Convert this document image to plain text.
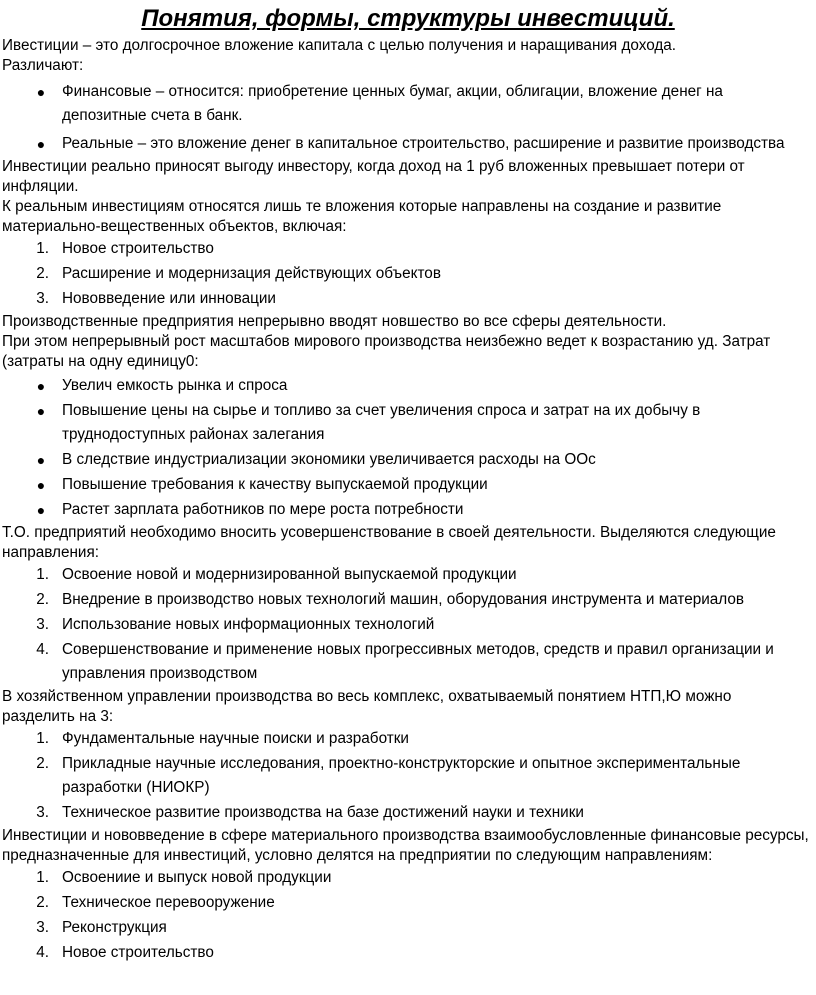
Понятия, формы, структуры инвестиций.

Ивестиции – это долгосрочное вложение капитала с целью получения и наращивания дохода.

Различают:

● Финансовые – относится: приобретение ценных бумаг, акции, облигации, вложение денег на депозитные счета в банк.
● Реальные – это вложение денег в капитальное строительство, расширение и развитие производства

Инвестиции реально приносят выгоду инвестору, когда доход на 1 руб вложенных превышает потери от инфляции.

К реальным инвестициям относятся лишь те вложения которые направлены на создание и развитие материально-вещественных объектов, включая:

1. Новое строительство
2. Расширение и модернизация действующих объектов
3. Нововведение или инновации

Производственные предприятия непрерывно вводят новшество во все сферы деятельности.

При этом непрерывный рост масштабов мирового производства неизбежно ведет к возрастанию уд. Затрат (затраты на одну единицу0:

● Увелич емкость рынка и спроса
● Повышение цены на сырье и топливо за счет увеличения спроса и затрат на их добычу в труднодоступных районах залегания
● В следствие индустриализации экономики увеличивается расходы на ООс
● Повышение требования к качеству выпускаемой продукции
● Растет зарплата работников по мере роста потребности

Т.О. предприятий необходимо вносить усовершенствование в своей деятельности. Выделяются следующие направления:

1. Освоение новой и модернизированной выпускаемой продукции
2. Внедрение в производство новых технологий машин, оборудования инструмента и материалов
3. Использование новых информационных технологий
4. Совершенствование и применение новых прогрессивных методов, средств и правил организации и управления производством

В хозяйственном управлении производства во весь комплекс, охватываемый понятием НТП,Ю можно разделить на 3:

1. Фундаментальные научные поиски и разработки
2. Прикладные научные исследования, проектно-конструкторские и опытное экспериментальные разработки (НИОКР)
3. Техническое развитие производства на базе достижений науки и техники

Инвестиции и нововведение в сфере материального производства взаимообусловленные финансовые ресурсы, предназначенные для инвестиций, условно делятся на предприятии по следующим направлениям:

1. Освоениие и выпуск новой продукции
2. Техническое перевооружение
3. Реконструкция
4. Новое строительство
